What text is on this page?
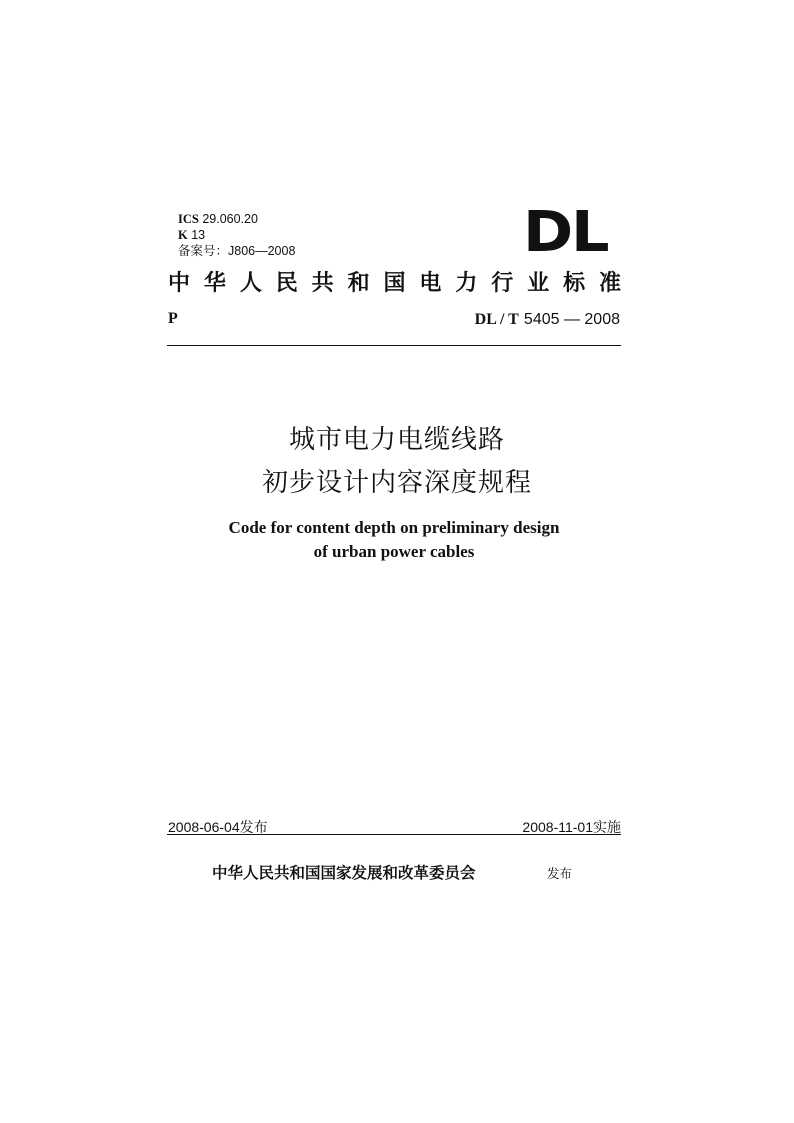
ICS 29.060.20
K 13
备案号：J806—2008	DL
中华人民共和国电力行业标准
P	DL / T 5405 — 2008
城市电力电缆线路
初步设计内容深度规程
Code for content depth on preliminary design
of urban power cables
2008-06-04发布	2008-11-01实施
中华人民共和国国家发展和改革委员会	发布
